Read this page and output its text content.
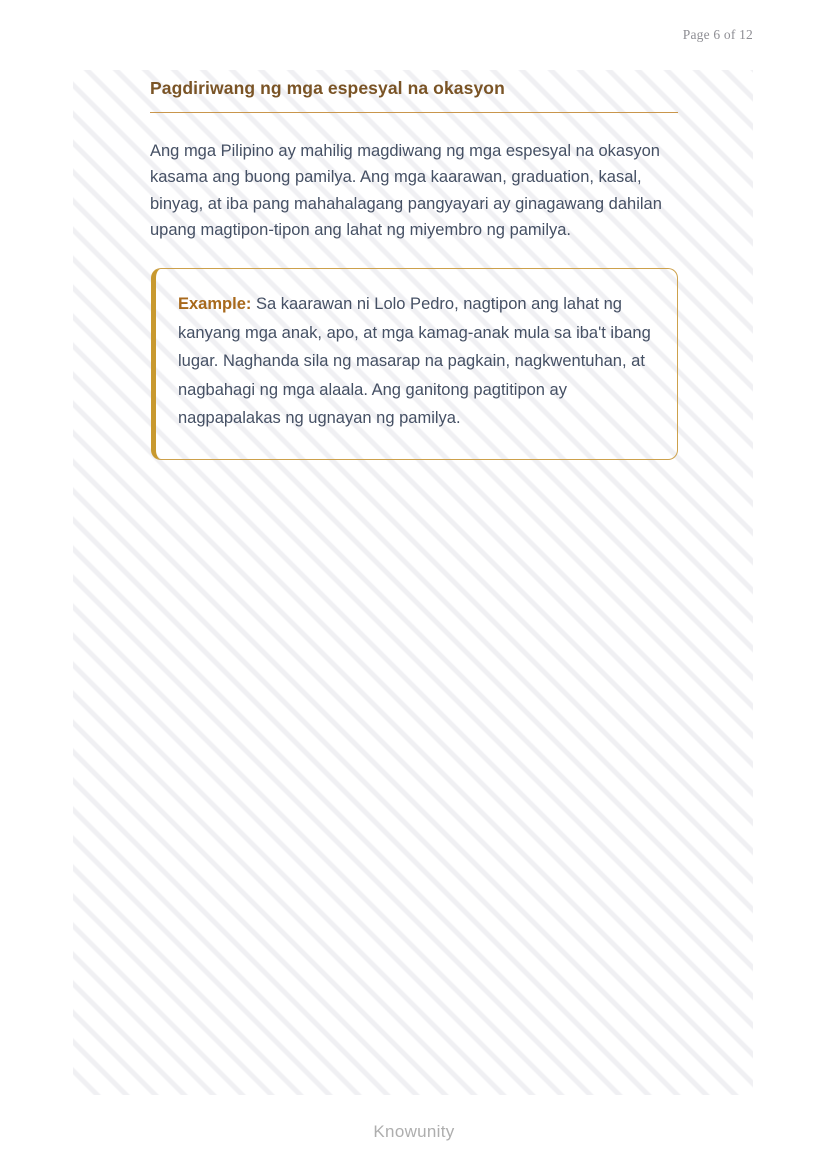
Page 6 of 12
Pagdiriwang ng mga espesyal na okasyon

Ang mga Pilipino ay mahilig magdiwang ng mga espesyal na okasyon kasama ang buong pamilya. Ang mga kaarawan, graduation, kasal, binyag, at iba pang mahahalagang pangyayari ay ginagawang dahilan upang magtipon-tipon ang lahat ng miyembro ng pamilya.

Example: Sa kaarawan ni Lolo Pedro, nagtipon ang lahat ng kanyang mga anak, apo, at mga kamag-anak mula sa iba't ibang lugar. Naghanda sila ng masarap na pagkain, nagkwentuhan, at nagbahagi ng mga alaala. Ang ganitong pagtitipon ay nagpapalakas ng ugnayan ng pamilya.

Knowunity
